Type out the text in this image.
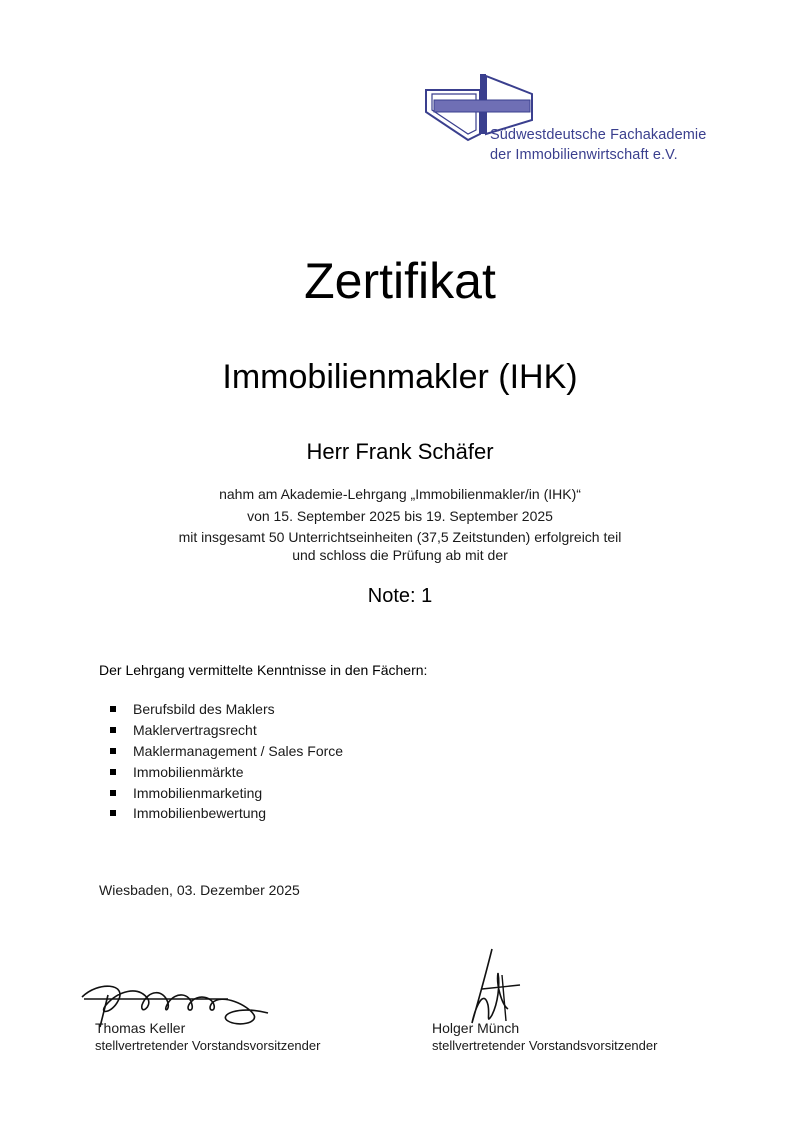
Südwestdeutsche Fachakademie
der Immobilienwirtschaft e.V.
Zertifikat
Immobilienmakler (IHK)
Herr Frank Schäfer
nahm am Akademie-Lehrgang „Immobilienmakler/in (IHK)“
von 15. September 2025 bis 19. September 2025
mit insgesamt 50 Unterrichtseinheiten (37,5 Zeitstunden) erfolgreich teil
und schloss die Prüfung ab mit der
Note: 1
Der Lehrgang vermittelte Kenntnisse in den Fächern:
Berufsbild des Maklers
Maklervertragsrecht
Maklermanagement / Sales Force
Immobilienmärkte
Immobilienmarketing
Immobilienbewertung
Wiesbaden, 03. Dezember 2025
Thomas Keller
stellvertretender Vorstandsvorsitzender
Holger Münch
stellvertretender Vorstandsvorsitzender
